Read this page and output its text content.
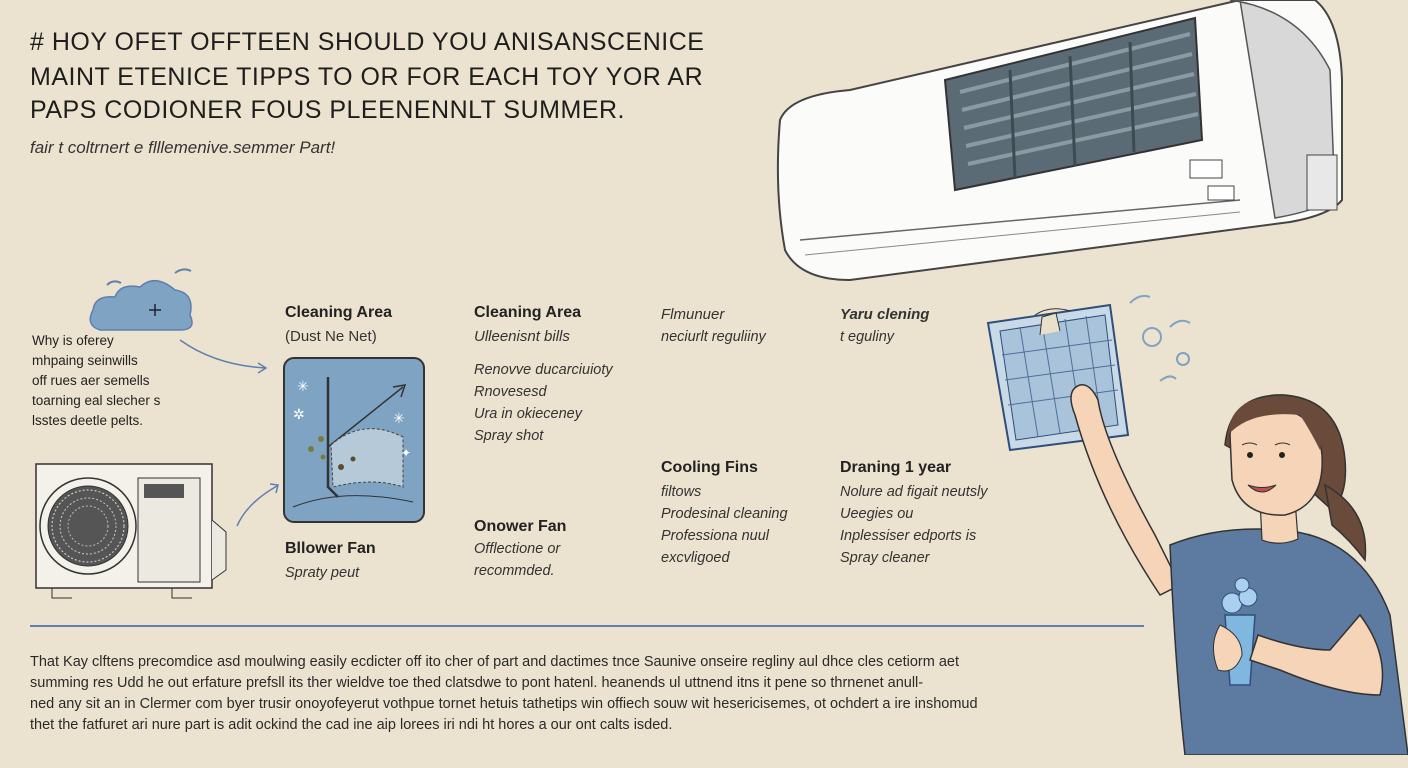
# HOY OFET OFFTEEN SHOULD YOU ANISANSCENICE
MAINT ETENICE TIPPS TO OR FOR EACH TOY YOR AR
PAPS CODIONER FOUS PLEENENNLT SUMMER.
fair t coltrnert e flllemenive.semmer Part!
Why is oferey
mhpaing seinwills
off rues aer semells
toarning eal slecher s
lsstes deetle pelts.
✳
✲	✳
✦
Cleaning Area
(Dust Ne Net)
Bllower Fan
Spraty peut
Cleaning Area
Ulleenisnt bills
Renovve ducarciuioty
Rnovesesd
Ura in okieceney
Spray shot
Onower Fan
Offlectione or
recommded.
Flmunuer
neciurlt reguliiny
Cooling Fins
filtows
Prodesinal cleaning
Professiona nuul
excvligoed
Yaru clening
t eguliny
Draning 1 year
Nolure ad figait neutsly
Ueegies ou
Inplessiser edports is
Spray cleaner
That Kay clftens precomdice asd moulwing easily ecdicter off ito cher of part and dactimes tnce Saunive onseire regliny aul dhce cles cetiorm aet
summing res Udd he out erfature prefsll its ther wieldve toe thed clatsdwe to pont hatenl. heanends ul uttnend itns it pene so thrnenet anull-
ned any sit an in Clermer com byer trusir onoyofeyerut vothpue tornet hetuis tathetips win offiech souw wit hesericisemes, ot ochdert a ire inshomud
thet the fatfuret ari nure part is adit ockind the cad ine aip lorees iri ndi ht hores a our ont calts isded.
